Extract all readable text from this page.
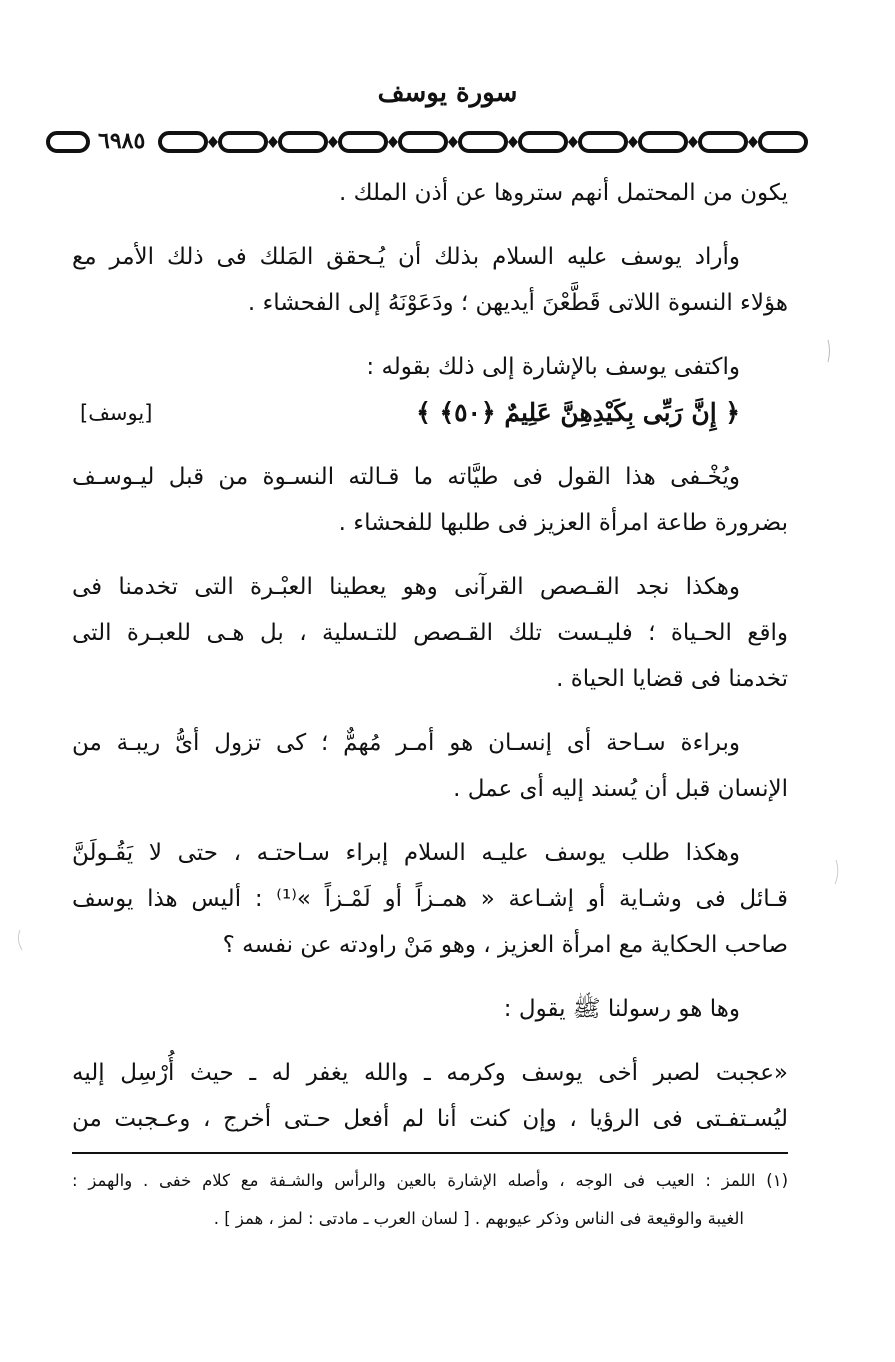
سورة يوسف
٦٩٨٥
يكون من المحتمل أنهم ستروها عن أذن الملك .
وأراد يوسف عليه السلام بذلك أن يُـحقق المَلك فى ذلك الأمر مع
هؤلاء النسوة اللاتى قَطَّعْنَ أيديهن ؛ ودَعَوْنَهُ إلى الفحشاء .
واكتفى يوسف بالإشارة إلى ذلك بقوله :
﴿ إِنَّ رَبِّى بِكَيْدِهِنَّ عَلِيمٌ ﴿٥٠﴾ ﴾
[يوسف]
ويُخْـفى هذا القول فى طيَّاته ما قـالته النسـوة من قبل ليـوسـف
بضرورة طاعة امرأة العزيز فى طلبها للفحشاء .
وهكذا نجد القـصص القرآنى وهو يعطينا العبْـرة التى تخدمنا فى
واقع الحـياة ؛ فليـست تلك القـصص للتـسلية ، بل هـى للعبـرة التى
تخدمنا فى قضايا الحياة .
وبراءة سـاحة أى إنسـان هو أمـر مُهمٌّ ؛ كى تزول أىُّ ريبـة من
الإنسان قبل أن يُسند إليه أى عمل .
وهكذا طلب يوسف عليـه السلام إبراء سـاحتـه ، حتى لا يَقُـولَنَّ
قـائل فى وشـاية أو إشـاعة « همـزاً أو لَمْـزاً »⁽¹⁾ : أليس هذا يوسف
صاحب الحكاية مع امرأة العزيز ، وهو مَنْ راودته عن نفسه ؟
وها هو رسولنا ﷺ يقول :
«عجبت لصبر أخى يوسف وكرمه ـ والله يغفر له ـ حيث أُرْسِل إليه
ليُسـتفـتى فى الرؤيا ، وإن كنت أنا لم أفعل حـتى أخرج ، وعـجبت من
(١) اللمز : العيب فى الوجه ، وأصله الإشارة بالعين والرأس والشـفة مع كلام خفى . والهمز :
الغيبة والوقيعة فى الناس وذكر عيوبهم . [ لسان العرب ـ مادتى : لمز ، همز ] .
